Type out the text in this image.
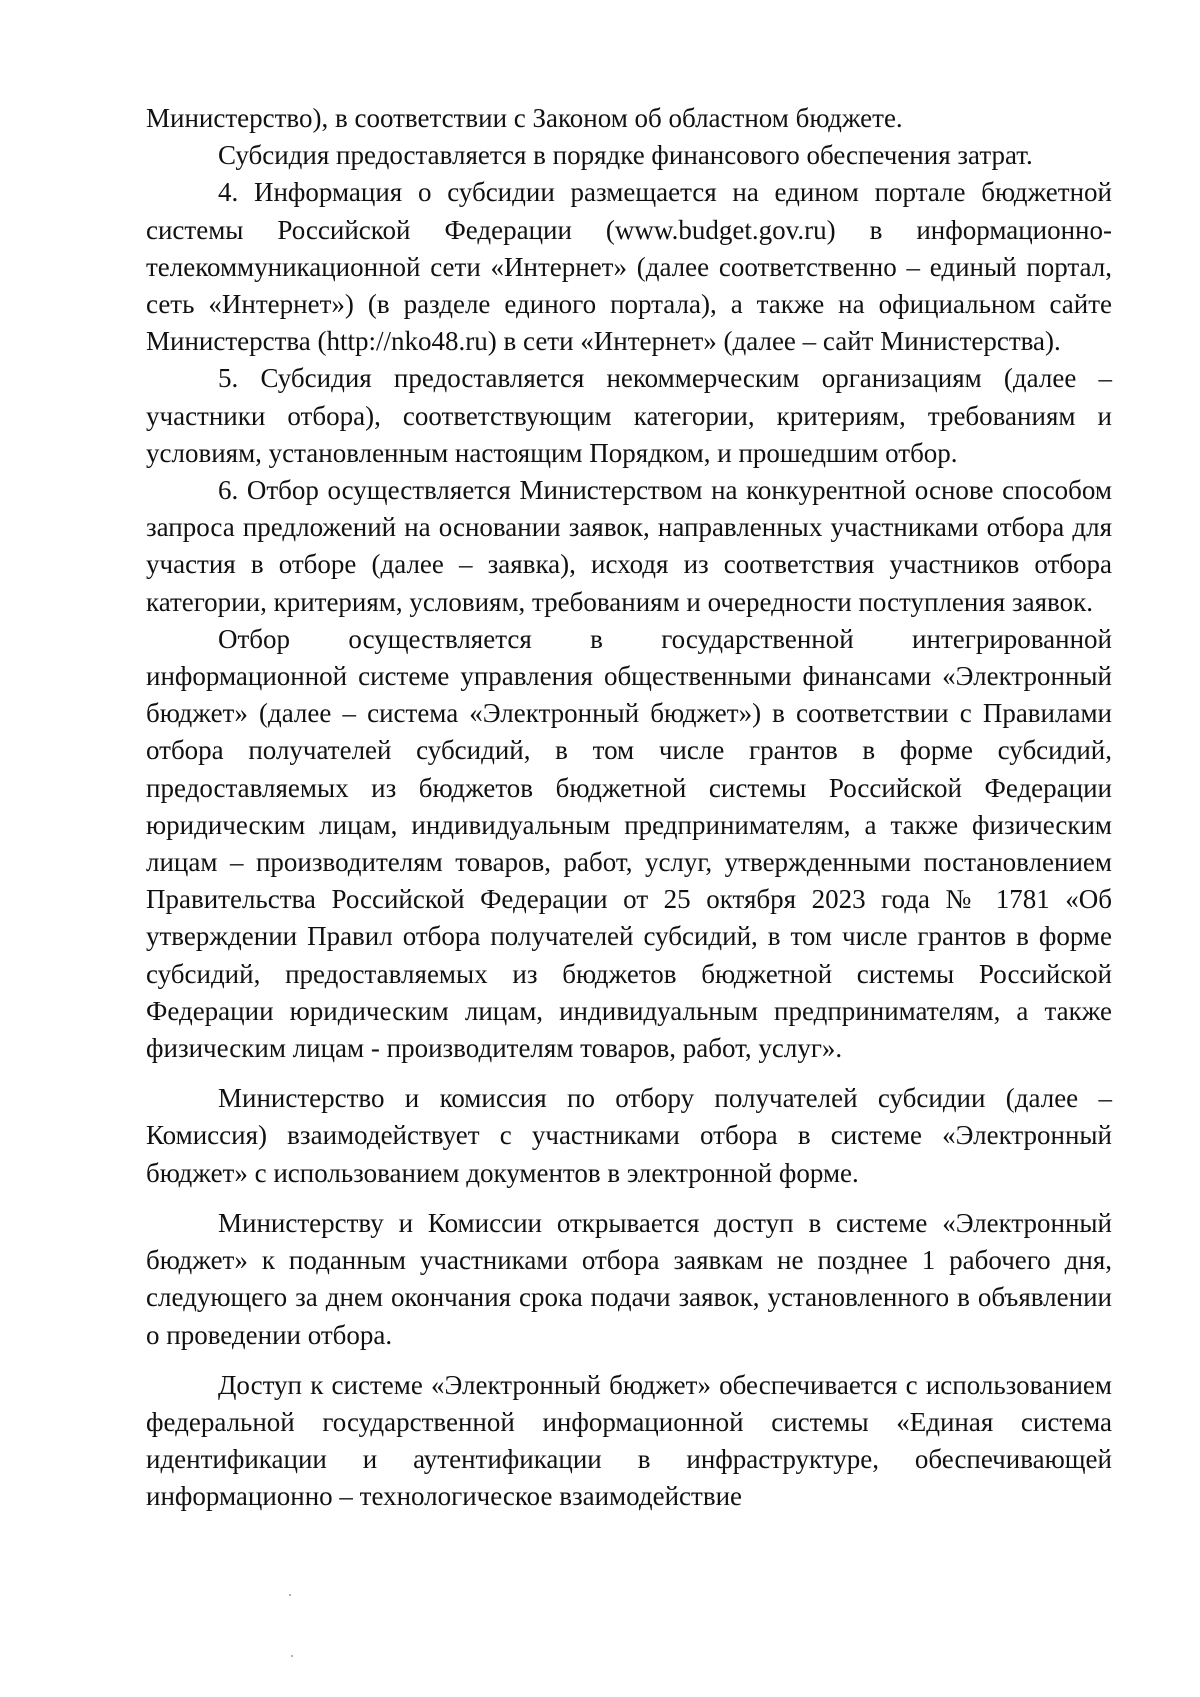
Министерство), в соответствии с Законом об областном бюджете.

Субсидия предоставляется в порядке финансового обеспечения затрат.

4. Информация о субсидии размещается на едином портале бюджетной системы Российской Федерации (www.budget.gov.ru) в информационно-телекоммуникационной сети «Интернет» (далее соответственно – единый портал, сеть «Интернет») (в разделе единого портала), а также на официальном сайте Министерства (http://nko48.ru) в сети «Интернет» (далее – сайт Министерства).

5. Субсидия предоставляется некоммерческим организациям (далее – участники отбора), соответствующим категории, критериям, требованиям и условиям, установленным настоящим Порядком, и прошедшим отбор.

6. Отбор осуществляется Министерством на конкурентной основе способом запроса предложений на основании заявок, направленных участниками отбора для участия в отборе (далее – заявка), исходя из соответствия участников отбора категории, критериям, условиям, требованиям и очередности поступления заявок.

Отбор осуществляется в государственной интегрированной информационной системе управления общественными финансами «Электронный бюджет» (далее – система «Электронный бюджет») в соответствии с Правилами отбора получателей субсидий, в том числе грантов в форме субсидий, предоставляемых из бюджетов бюджетной системы Российской Федерации юридическим лицам, индивидуальным предпринимателям, а также физическим лицам – производителям товаров, работ, услуг, утвержденными постановлением Правительства Российской Федерации от 25 октября 2023 года № 1781 «Об утверждении Правил отбора получателей субсидий, в том числе грантов в форме субсидий, предоставляемых из бюджетов бюджетной системы Российской Федерации юридическим лицам, индивидуальным предпринимателям, а также физическим лицам - производителям товаров, работ, услуг».

Министерство и комиссия по отбору получателей субсидии (далее – Комиссия) взаимодействует с участниками отбора в системе «Электронный бюджет» с использованием документов в электронной форме.

Министерству и Комиссии открывается доступ в системе «Электронный бюджет» к поданным участниками отбора заявкам не позднее 1 рабочего дня, следующего за днем окончания срока подачи заявок, установленного в объявлении о проведении отбора.

Доступ к системе «Электронный бюджет» обеспечивается с использованием федеральной государственной информационной системы «Единая система идентификации и аутентификации в инфраструктуре, обеспечивающей информационно – технологическое взаимодействие
